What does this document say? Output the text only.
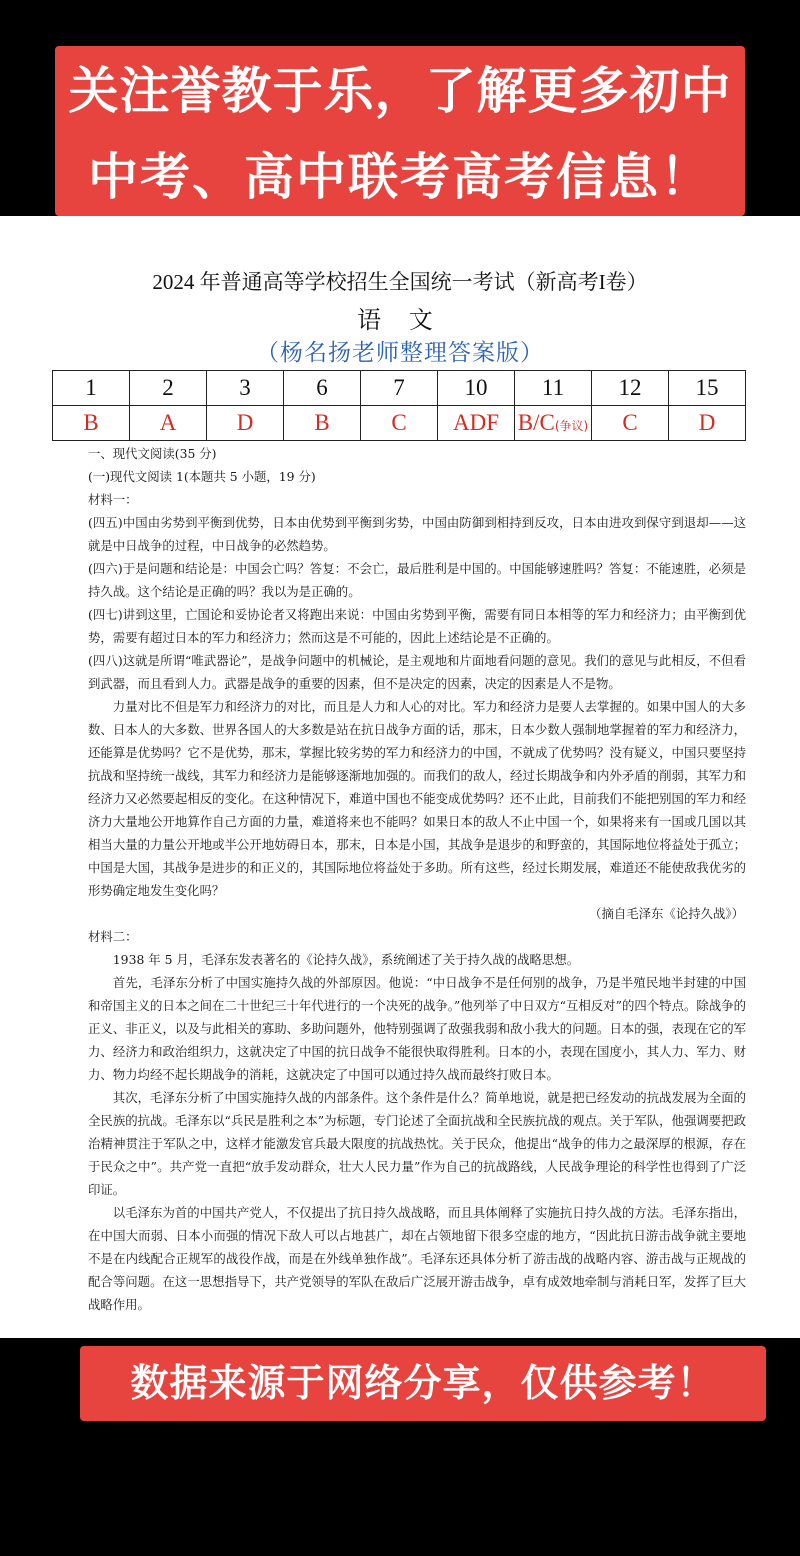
关注誉教于乐，了解更多初中
中考、高中联考高考信息！
2024 年普通高等学校招生全国统一考试（新高考I卷）
语 文
（杨名扬老师整理答案版）
1	2	3	6	7	10	11	12	15
B	A	D	B	C	ADF	B/C(争议)	C	D

一、现代文阅读(35 分)

(一)现代文阅读 1(本题共 5 小题，19 分)

材料一：

(四五)中国由劣势到平衡到优势，日本由优势到平衡到劣势，中国由防御到相持到反攻，日本由进攻到保守到退却——这就是中日战争的过程，中日战争的必然趋势。

(四六)于是问题和结论是：中国会亡吗？答复：不会亡，最后胜利是中国的。中国能够速胜吗？答复：不能速胜，必须是持久战。这个结论是正确的吗？我以为是正确的。

(四七)讲到这里，亡国论和妥协论者又将跑出来说：中国由劣势到平衡，需要有同日本相等的军力和经济力；由平衡到优势，需要有超过日本的军力和经济力；然而这是不可能的，因此上述结论是不正确的。

(四八)这就是所谓“唯武器论”，是战争问题中的机械论，是主观地和片面地看问题的意见。我们的意见与此相反，不但看到武器，而且看到人力。武器是战争的重要的因素，但不是决定的因素，决定的因素是人不是物。

力量对比不但是军力和经济力的对比，而且是人力和人心的对比。军力和经济力是要人去掌握的。如果中国人的大多数、日本人的大多数、世界各国人的大多数是站在抗日战争方面的话，那末，日本少数人强制地掌握着的军力和经济力，还能算是优势吗？它不是优势，那末，掌握比较劣势的军力和经济力的中国，不就成了优势吗？没有疑义，中国只要坚持抗战和坚持统一战线，其军力和经济力是能够逐渐地加强的。而我们的敌人，经过长期战争和内外矛盾的削弱，其军力和经济力又必然要起相反的变化。在这种情况下，难道中国也不能变成优势吗？还不止此，目前我们不能把别国的军力和经济力大量地公开地算作自己方面的力量，难道将来也不能吗？如果日本的敌人不止中国一个，如果将来有一国或几国以其相当大量的力量公开地或半公开地妨碍日本，那末，日本是小国，其战争是退步的和野蛮的，其国际地位将益处于孤立；中国是大国，其战争是进步的和正义的，其国际地位将益处于多助。所有这些，经过长期发展，难道还不能使敌我优劣的形势确定地发生变化吗？

（摘自毛泽东《论持久战》）

材料二：

1938 年 5 月，毛泽东发表著名的《论持久战》，系统阐述了关于持久战的战略思想。

首先，毛泽东分析了中国实施持久战的外部原因。他说：“中日战争不是任何别的战争，乃是半殖民地半封建的中国和帝国主义的日本之间在二十世纪三十年代进行的一个决死的战争。”他列举了中日双方“互相反对”的四个特点。除战争的正义、非正义，以及与此相关的寡助、多助问题外，他特别强调了敌强我弱和敌小我大的问题。日本的强，表现在它的军力、经济力和政治组织力，这就决定了中国的抗日战争不能很快取得胜利。日本的小，表现在国度小，其人力、军力、财力、物力均经不起长期战争的消耗，这就决定了中国可以通过持久战而最终打败日本。

其次，毛泽东分析了中国实施持久战的内部条件。这个条件是什么？简单地说，就是把已经发动的抗战发展为全面的全民族的抗战。毛泽东以“兵民是胜利之本”为标题，专门论述了全面抗战和全民族抗战的观点。关于军队，他强调要把政治精神贯注于军队之中，这样才能激发官兵最大限度的抗战热忱。关于民众，他提出“战争的伟力之最深厚的根源，存在于民众之中”。共产党一直把“放手发动群众，壮大人民力量”作为自己的抗战路线，人民战争理论的科学性也得到了广泛印证。

以毛泽东为首的中国共产党人，不仅提出了抗日持久战战略，而且具体阐释了实施抗日持久战的方法。毛泽东指出，在中国大而弱、日本小而强的情况下敌人可以占地甚广，却在占领地留下很多空虚的地方，“因此抗日游击战争就主要地不是在内线配合正规军的战役作战，而是在外线单独作战”。毛泽东还具体分析了游击战的战略内容、游击战与正规战的配合等问题。在这一思想指导下，共产党领导的军队在敌后广泛展开游击战争，卓有成效地牵制与消耗日军，发挥了巨大战略作用。

数据来源于网络分享，仅供参考！
